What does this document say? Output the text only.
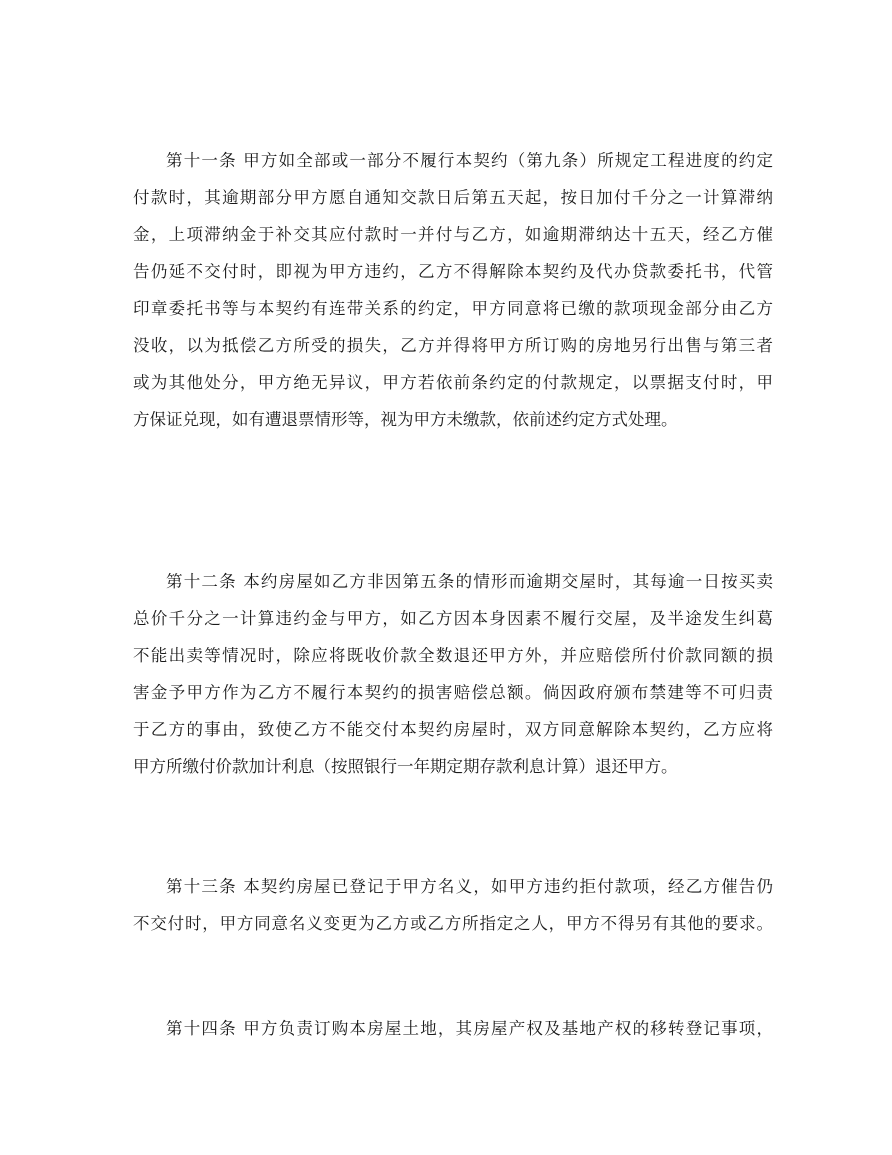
第十一条 甲方如全部或一部分不履行本契约（第九条）所规定工程进度的约定
付款时，其逾期部分甲方愿自通知交款日后第五天起，按日加付千分之一计算滞纳
金，上项滞纳金于补交其应付款时一并付与乙方，如逾期滞纳达十五天，经乙方催
告仍延不交付时，即视为甲方违约，乙方不得解除本契约及代办贷款委托书，代管
印章委托书等与本契约有连带关系的约定，甲方同意将已缴的款项现金部分由乙方
没收，以为抵偿乙方所受的损失，乙方并得将甲方所订购的房地另行出售与第三者
或为其他处分，甲方绝无异议，甲方若依前条约定的付款规定，以票据支付时，甲
方保证兑现，如有遭退票情形等，视为甲方未缴款，依前述约定方式处理。
第十二条 本约房屋如乙方非因第五条的情形而逾期交屋时，其每逾一日按买卖
总价千分之一计算违约金与甲方，如乙方因本身因素不履行交屋，及半途发生纠葛
不能出卖等情况时，除应将既收价款全数退还甲方外，并应赔偿所付价款同额的损
害金予甲方作为乙方不履行本契约的损害赔偿总额。倘因政府颁布禁建等不可归责
于乙方的事由，致使乙方不能交付本契约房屋时，双方同意解除本契约，乙方应将
甲方所缴付价款加计利息（按照银行一年期定期存款利息计算）退还甲方。
第十三条 本契约房屋已登记于甲方名义，如甲方违约拒付款项，经乙方催告仍
不交付时，甲方同意名义变更为乙方或乙方所指定之人，甲方不得另有其他的要求。
第十四条 甲方负责订购本房屋土地，其房屋产权及基地产权的移转登记事项，
